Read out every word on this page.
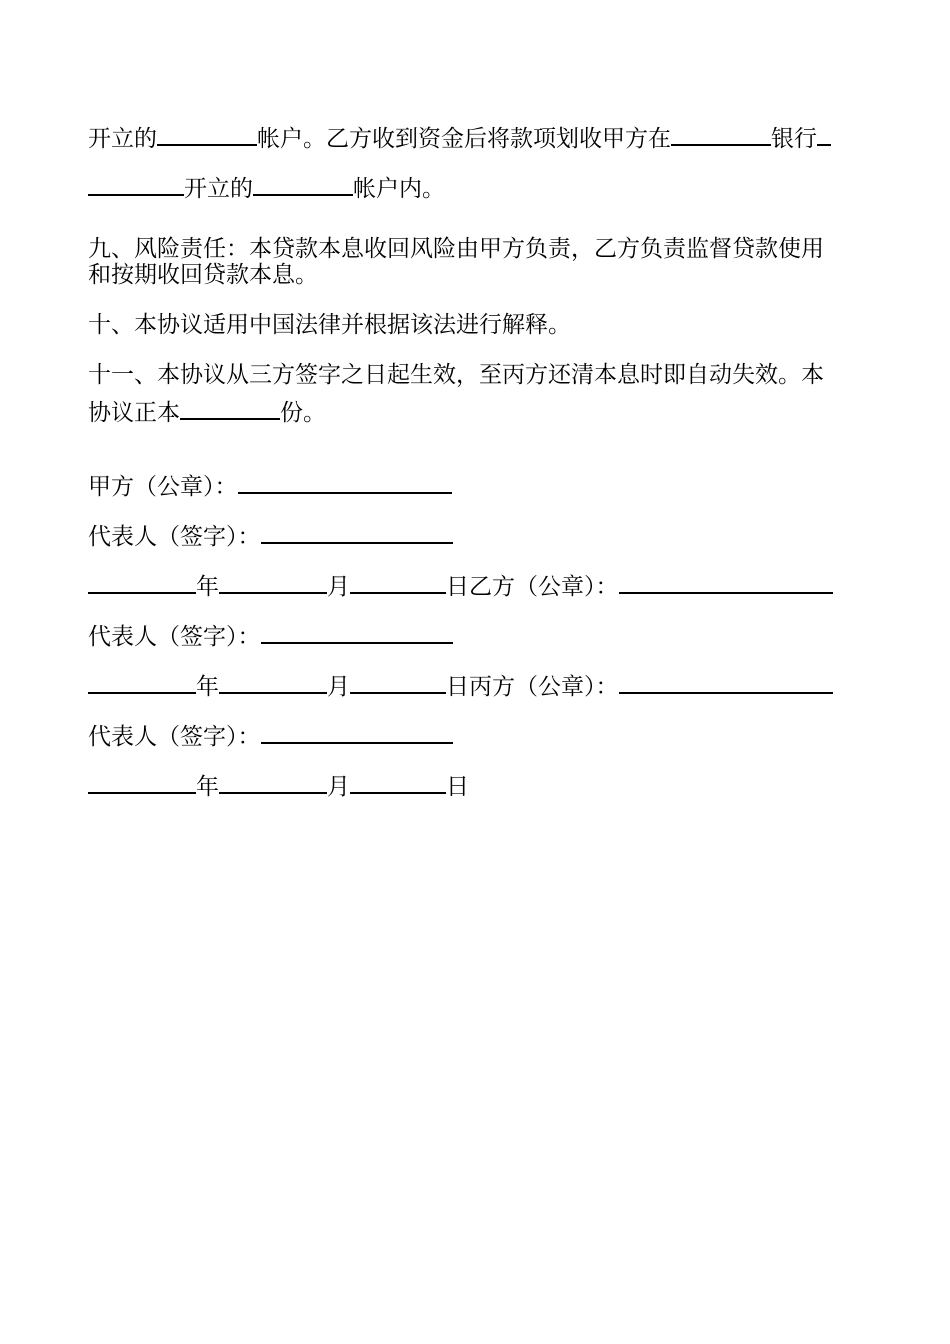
开立的	帐户。乙方收到资金后将款项划收甲方在	银行
开立的	帐户内。
九、风险责任：本贷款本息收回风险由甲方负责，乙方负责监督贷款使用
和按期收回贷款本息。
十、本协议适用中国法律并根据该法进行解释。
十一、本协议从三方签字之日起生效，至丙方还清本息时即自动失效。本
协议正本	份。
甲方（公章）：
代表人（签字）：
年	月	日乙方（公章）：
代表人（签字）：
年	月	日丙方（公章）：
代表人（签字）：
年	月	日
